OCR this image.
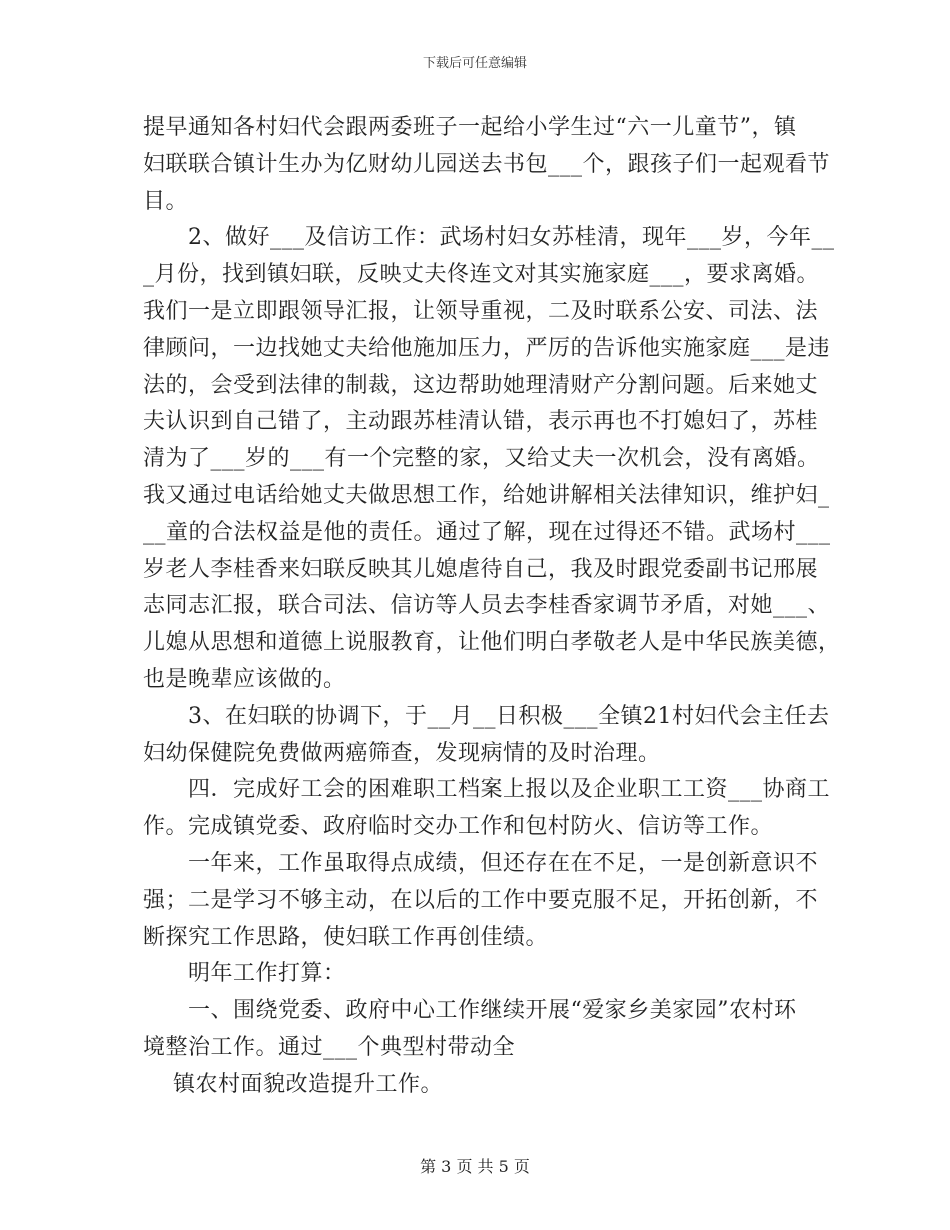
下载后可任意编辑
提早通知各村妇代会跟两委班子一起给小学生过“六一儿童节”，镇
妇联联合镇计生办为亿财幼儿园送去书包___个，跟孩子们一起观看节
目。
2、做好___及信访工作：武场村妇女苏桂清，现年___岁，今年__
_月份，找到镇妇联，反映丈夫佟连文对其实施家庭___，要求离婚。
我们一是立即跟领导汇报，让领导重视，二及时联系公安、司法、法
律顾问，一边找她丈夫给他施加压力，严厉的告诉他实施家庭___是违
法的，会受到法律的制裁，这边帮助她理清财产分割问题。后来她丈
夫认识到自己错了，主动跟苏桂清认错，表示再也不打媳妇了，苏桂
清为了___岁的___有一个完整的家，又给丈夫一次机会，没有离婚。
我又通过电话给她丈夫做思想工作，给她讲解相关法律知识，维护妇_
__童的合法权益是他的责任。通过了解，现在过得还不错。武场村___
岁老人李桂香来妇联反映其儿媳虐待自己，我及时跟党委副书记邢展
志同志汇报，联合司法、信访等人员去李桂香家调节矛盾，对她___、
儿媳从思想和道德上说服教育，让他们明白孝敬老人是中华民族美德，
也是晚辈应该做的。
3、在妇联的协调下，于__月__日积极___全镇21村妇代会主任去
妇幼保健院免费做两癌筛查，发现病情的及时治理。
四．完成好工会的困难职工档案上报以及企业职工工资___协商工
作。完成镇党委、政府临时交办工作和包村防火、信访等工作。
一年来，工作虽取得点成绩，但还存在在不足，一是创新意识不
强；二是学习不够主动，在以后的工作中要克服不足，开拓创新，不
断探究工作思路，使妇联工作再创佳绩。
明年工作打算：
一、围绕党委、政府中心工作继续开展“爱家乡美家园”农村环
境整治工作。通过___个典型村带动全
镇农村面貌改造提升工作。
第 3 页 共 5 页
